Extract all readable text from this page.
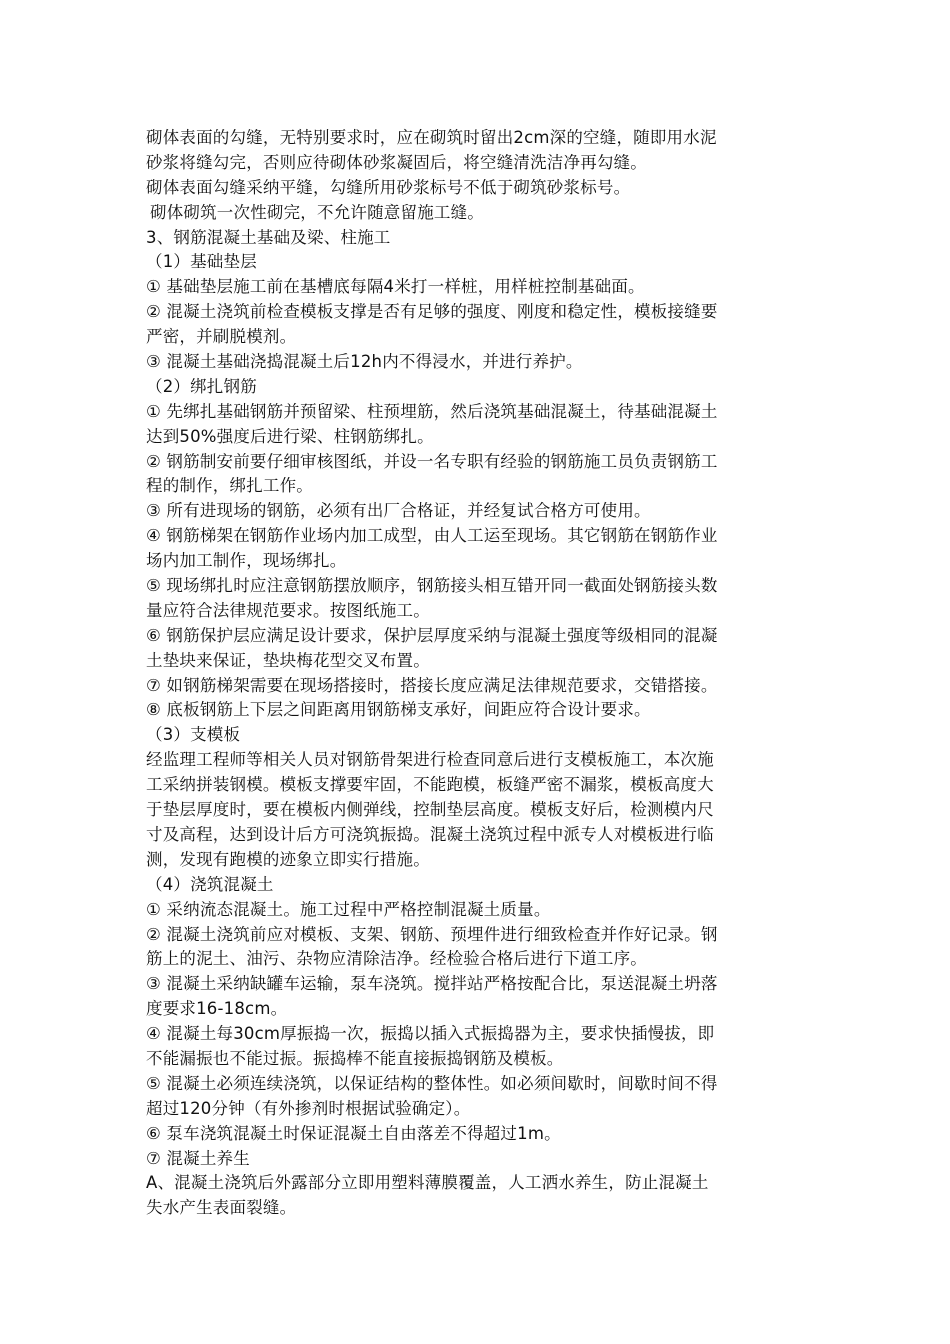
砌体表面的勾缝，无特别要求时，应在砌筑时留出2cm深的空缝，随即用水泥
砂浆将缝勾完，否则应待砌体砂浆凝固后，将空缝清洗洁净再勾缝。
砌体表面勾缝采纳平缝，勾缝所用砂浆标号不低于砌筑砂浆标号。
砌体砌筑一次性砌完，不允许随意留施工缝。
3、钢筋混凝土基础及梁、柱施工
（1）基础垫层
① 基础垫层施工前在基槽底每隔4米打一样桩，用样桩控制基础面。
② 混凝土浇筑前检查模板支撑是否有足够的强度、刚度和稳定性，模板接缝要
严密，并刷脱模剂。
③ 混凝土基础浇捣混凝土后12h内不得浸水，并进行养护。
（2）绑扎钢筋
① 先绑扎基础钢筋并预留梁、柱预埋筋，然后浇筑基础混凝土，待基础混凝土
达到50%强度后进行梁、柱钢筋绑扎。
② 钢筋制安前要仔细审核图纸，并设一名专职有经验的钢筋施工员负责钢筋工
程的制作，绑扎工作。
③ 所有进现场的钢筋，必须有出厂合格证，并经复试合格方可使用。
④ 钢筋梯架在钢筋作业场内加工成型，由人工运至现场。其它钢筋在钢筋作业
场内加工制作，现场绑扎。
⑤ 现场绑扎时应注意钢筋摆放顺序，钢筋接头相互错开同一截面处钢筋接头数
量应符合法律规范要求。按图纸施工。
⑥ 钢筋保护层应满足设计要求，保护层厚度采纳与混凝土强度等级相同的混凝
土垫块来保证，垫块梅花型交叉布置。
⑦ 如钢筋梯架需要在现场搭接时，搭接长度应满足法律规范要求，交错搭接。
⑧ 底板钢筋上下层之间距离用钢筋梯支承好，间距应符合设计要求。
（3）支模板
经监理工程师等相关人员对钢筋骨架进行检查同意后进行支模板施工，本次施
工采纳拼装钢模。模板支撑要牢固，不能跑模，板缝严密不漏浆，模板高度大
于垫层厚度时，要在模板内侧弹线，控制垫层高度。模板支好后，检测模内尺
寸及高程，达到设计后方可浇筑振捣。混凝土浇筑过程中派专人对模板进行临
测，发现有跑模的迹象立即实行措施。
（4）浇筑混凝土
① 采纳流态混凝土。施工过程中严格控制混凝土质量。
② 混凝土浇筑前应对模板、支架、钢筋、预埋件进行细致检查并作好记录。钢
筋上的泥土、油污、杂物应清除洁净。经检验合格后进行下道工序。
③ 混凝土采纳缺罐车运输，泵车浇筑。搅拌站严格按配合比，泵送混凝土坍落
度要求16-18cm。
④ 混凝土每30cm厚振捣一次，振捣以插入式振捣器为主，要求快插慢拔，即
不能漏振也不能过振。振捣棒不能直接振捣钢筋及模板。
⑤ 混凝土必须连续浇筑，以保证结构的整体性。如必须间歇时，间歇时间不得
超过120分钟（有外掺剂时根据试验确定）。
⑥ 泵车浇筑混凝土时保证混凝土自由落差不得超过1m。
⑦ 混凝土养生
A、混凝土浇筑后外露部分立即用塑料薄膜覆盖，人工洒水养生，防止混凝土
失水产生表面裂缝。
